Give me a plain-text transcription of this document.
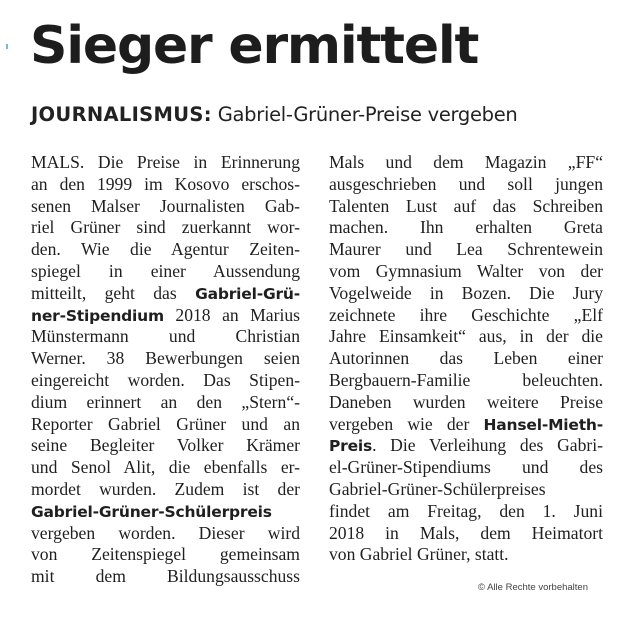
Sieger ermittelt
JOURNALISMUS: Gabriel-Grüner-Preise vergeben
MALS. Die Preise in Erinnerung
an den 1999 im Kosovo erschos-
senen Malser Journalisten Gab-
riel Grüner sind zuerkannt wor-
den. Wie die Agentur Zeiten-
spiegel in einer Aussendung
mitteilt, geht das Gabriel-Grü-
ner-Stipendium 2018 an Marius
Münstermann und Christian
Werner. 38 Bewerbungen seien
eingereicht worden. Das Stipen-
dium erinnert an den „Stern“-
Reporter Gabriel Grüner und an
seine Begleiter Volker Krämer
und Senol Alit, die ebenfalls er-
mordet wurden. Zudem ist der
Gabriel-Grüner-Schülerpreis
vergeben worden. Dieser wird
von Zeitenspiegel gemeinsam
mit dem Bildungsausschuss
Mals und dem Magazin „FF“
ausgeschrieben und soll jungen
Talenten Lust auf das Schreiben
machen. Ihn erhalten Greta
Maurer und Lea Schrentewein
vom Gymnasium Walter von der
Vogelweide in Bozen. Die Jury
zeichnete ihre Geschichte „Elf
Jahre Einsamkeit“ aus, in der die
Autorinnen das Leben einer
Bergbauern-Familie beleuchten.
Daneben wurden weitere Preise
vergeben wie der Hansel-Mieth-
Preis. Die Verleihung des Gabri-
el-Grüner-Stipendiums und des
Gabriel-Grüner-Schülerpreises
findet am Freitag, den 1. Juni
2018 in Mals, dem Heimatort
von Gabriel Grüner, statt.
© Alle Rechte vorbehalten
